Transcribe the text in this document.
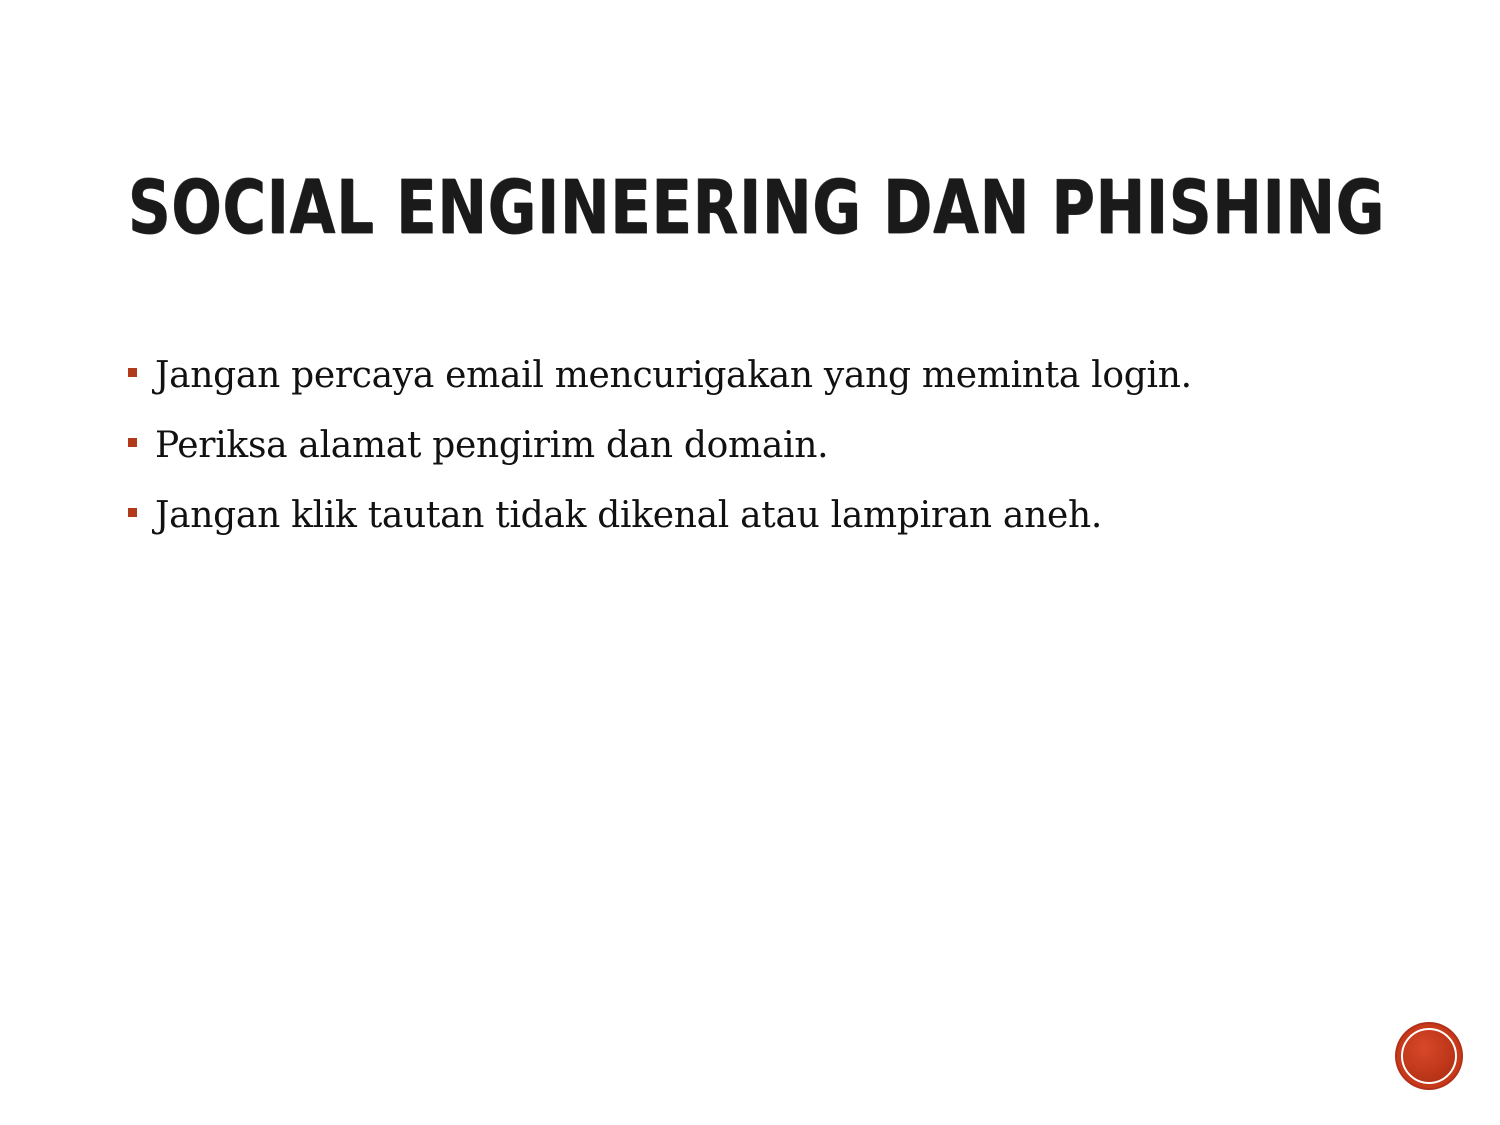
SOCIAL ENGINEERING DAN PHISHING
Jangan percaya email mencurigakan yang meminta login.
Periksa alamat pengirim dan domain.
Jangan klik tautan tidak dikenal atau lampiran aneh.
